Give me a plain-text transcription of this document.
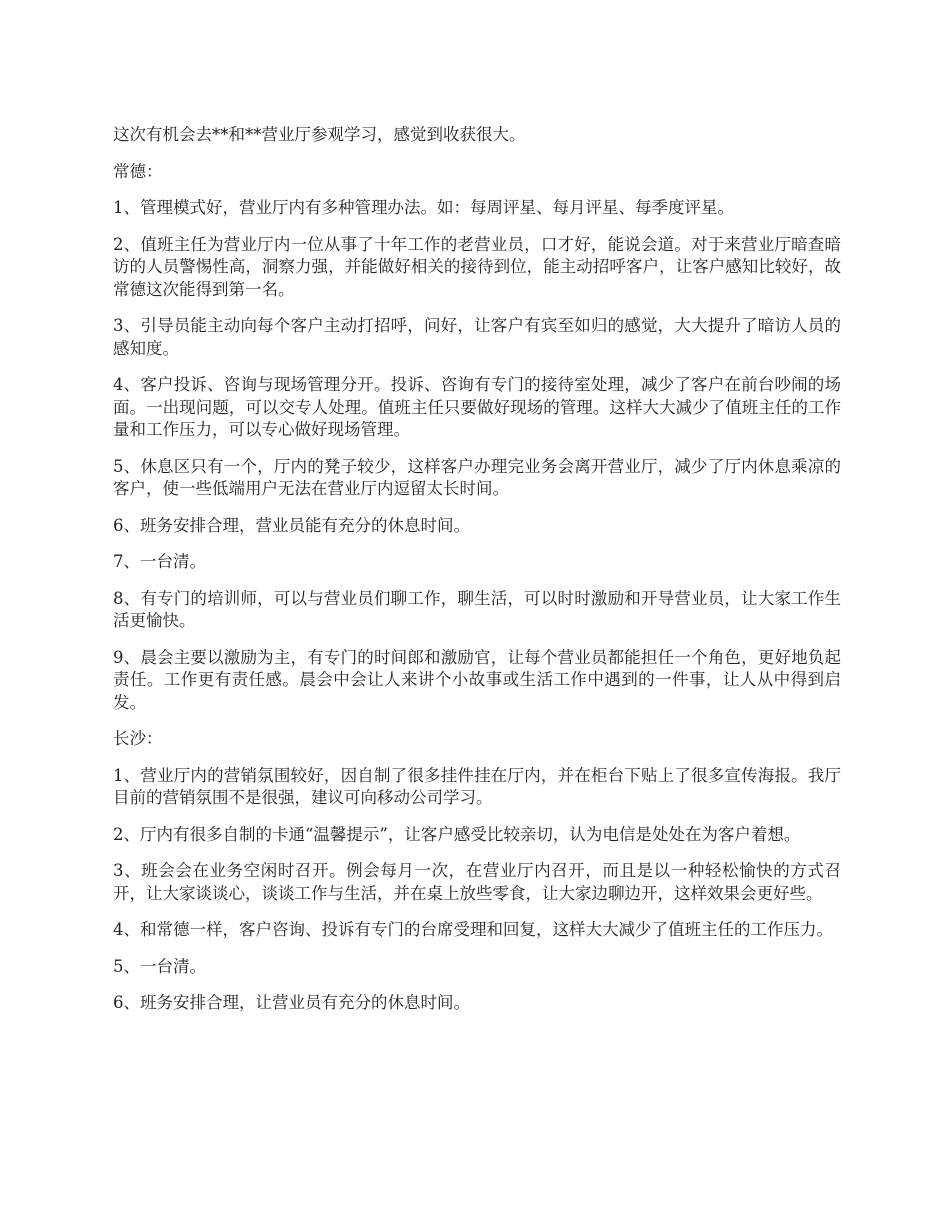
这次有机会去**和**营业厅参观学习，感觉到收获很大。

常德：

1、管理模式好，营业厅内有多种管理办法。如：每周评星、每月评星、每季度评星。

2、值班主任为营业厅内一位从事了十年工作的老营业员，口才好，能说会道。对于来营业厅暗查暗访的人员警惕性高，洞察力强，并能做好相关的接待到位，能主动招呼客户，让客户感知比较好，故常德这次能得到第一名。

3、引导员能主动向每个客户主动打招呼，问好，让客户有宾至如归的感觉，大大提升了暗访人员的感知度。

4、客户投诉、咨询与现场管理分开。投诉、咨询有专门的接待室处理，减少了客户在前台吵闹的场面。一出现问题，可以交专人处理。值班主任只要做好现场的管理。这样大大减少了值班主任的工作量和工作压力，可以专心做好现场管理。

5、休息区只有一个，厅内的凳子较少，这样客户办理完业务会离开营业厅，减少了厅内休息乘凉的客户，使一些低端用户无法在营业厅内逗留太长时间。

6、班务安排合理，营业员能有充分的休息时间。

7、一台清。

8、有专门的培训师，可以与营业员们聊工作，聊生活，可以时时激励和开导营业员，让大家工作生活更愉快。

9、晨会主要以激励为主，有专门的时间郎和激励官，让每个营业员都能担任一个角色，更好地负起责任。工作更有责任感。晨会中会让人来讲个小故事或生活工作中遇到的一件事，让人从中得到启发。

长沙：

1、营业厅内的营销氛围较好，因自制了很多挂件挂在厅内，并在柜台下贴上了很多宣传海报。我厅目前的营销氛围不是很强，建议可向移动公司学习。

2、厅内有很多自制的卡通“温馨提示”，让客户感受比较亲切，认为电信是处处在为客户着想。

3、班会会在业务空闲时召开。例会每月一次，在营业厅内召开，而且是以一种轻松愉快的方式召开，让大家谈谈心，谈谈工作与生活，并在桌上放些零食，让大家边聊边开，这样效果会更好些。

4、和常德一样，客户咨询、投诉有专门的台席受理和回复，这样大大减少了值班主任的工作压力。

5、一台清。

6、班务安排合理，让营业员有充分的休息时间。
